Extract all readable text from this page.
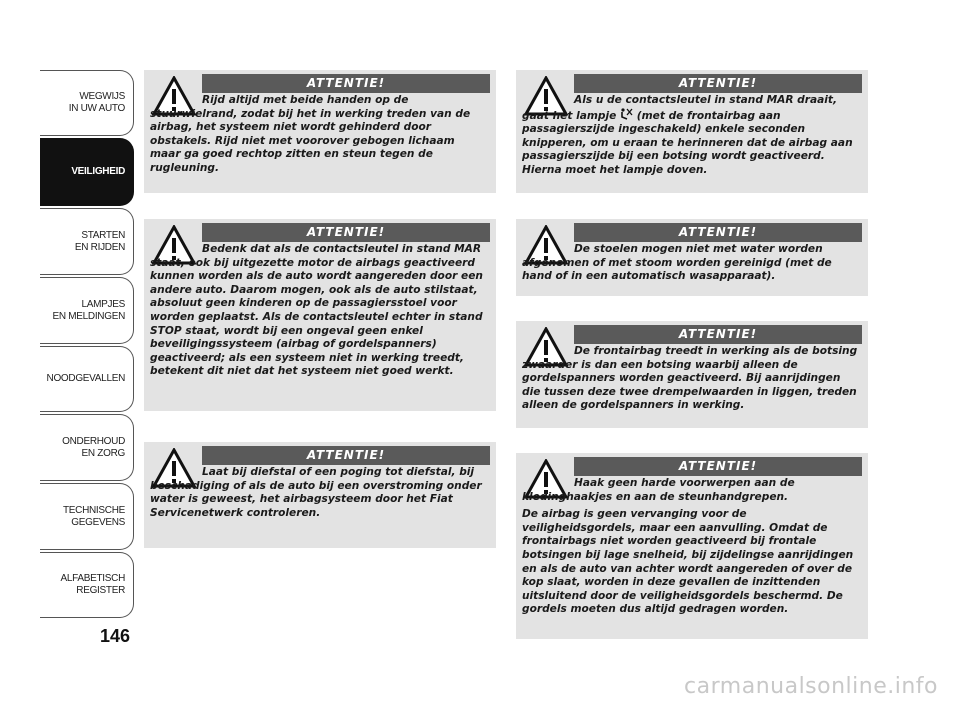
WEGWIJS
IN UW AUTO
VEILIGHEID
STARTEN
EN RIJDEN
LAMPJES
EN MELDINGEN
NOODGEVALLEN
ONDERHOUD
EN ZORG
TECHNISCHE
GEGEVENS
ALFABETISCH
REGISTER
146
ATTENTIE!

Rijd altijd met beide handen op de stuurwielrand, zodat bij het in werking treden van de airbag, het systeem niet wordt gehinderd door obstakels. Rijd niet met voorover gebogen lichaam maar ga goed rechtop zitten en steun tegen de rugleuning.

ATTENTIE!

Bedenk dat als de contactsleutel in stand MAR staat, ook bij uitgezette motor de airbags geactiveerd kunnen worden als de auto wordt aangereden door een andere auto. Daarom mogen, ook als de auto stilstaat, absoluut geen kinderen op de passagiersstoel voor worden geplaatst. Als de contactsleutel echter in stand STOP staat, wordt bij een ongeval geen enkel beveiligingssysteem (airbag of gordelspanners) geactiveerd; als een systeem niet in werking treedt, betekent dit niet dat het systeem niet goed werkt.

ATTENTIE!

Laat bij diefstal of een poging tot diefstal, bij beschadiging of als de auto bij een overstroming onder water is geweest, het airbagsysteem door het Fiat Servicenetwerk controleren.

ATTENTIE!

Als u de contactsleutel in stand MAR draait, gaat het lampje (met de frontairbag aan passagierszijde ingeschakeld) enkele seconden knipperen, om u eraan te herinneren dat de airbag aan passagierszijde bij een botsing wordt geactiveerd. Hierna moet het lampje doven.

ATTENTIE!

De stoelen mogen niet met water worden afgenomen of met stoom worden gereinigd (met de hand of in een automatisch wasapparaat).

ATTENTIE!

De frontairbag treedt in werking als de botsing zwaarder is dan een botsing waarbij alleen de gordelspanners worden geactiveerd. Bij aanrijdingen die tussen deze twee drempelwaarden in liggen, treden alleen de gordelspanners in werking.

ATTENTIE!

Haak geen harde voorwerpen aan de kledinghaakjes en aan de steunhandgrepen.

De airbag is geen vervanging voor de veiligheidsgordels, maar een aanvulling. Omdat de frontairbags niet worden geactiveerd bij frontale botsingen bij lage snelheid, bij zijdelingse aanrijdingen en als de auto van achter wordt aangereden of over de kop slaat, worden in deze gevallen de inzittenden uitsluitend door de veiligheidsgordels beschermd. De gordels moeten dus altijd gedragen worden.

carmanualsonline.info
